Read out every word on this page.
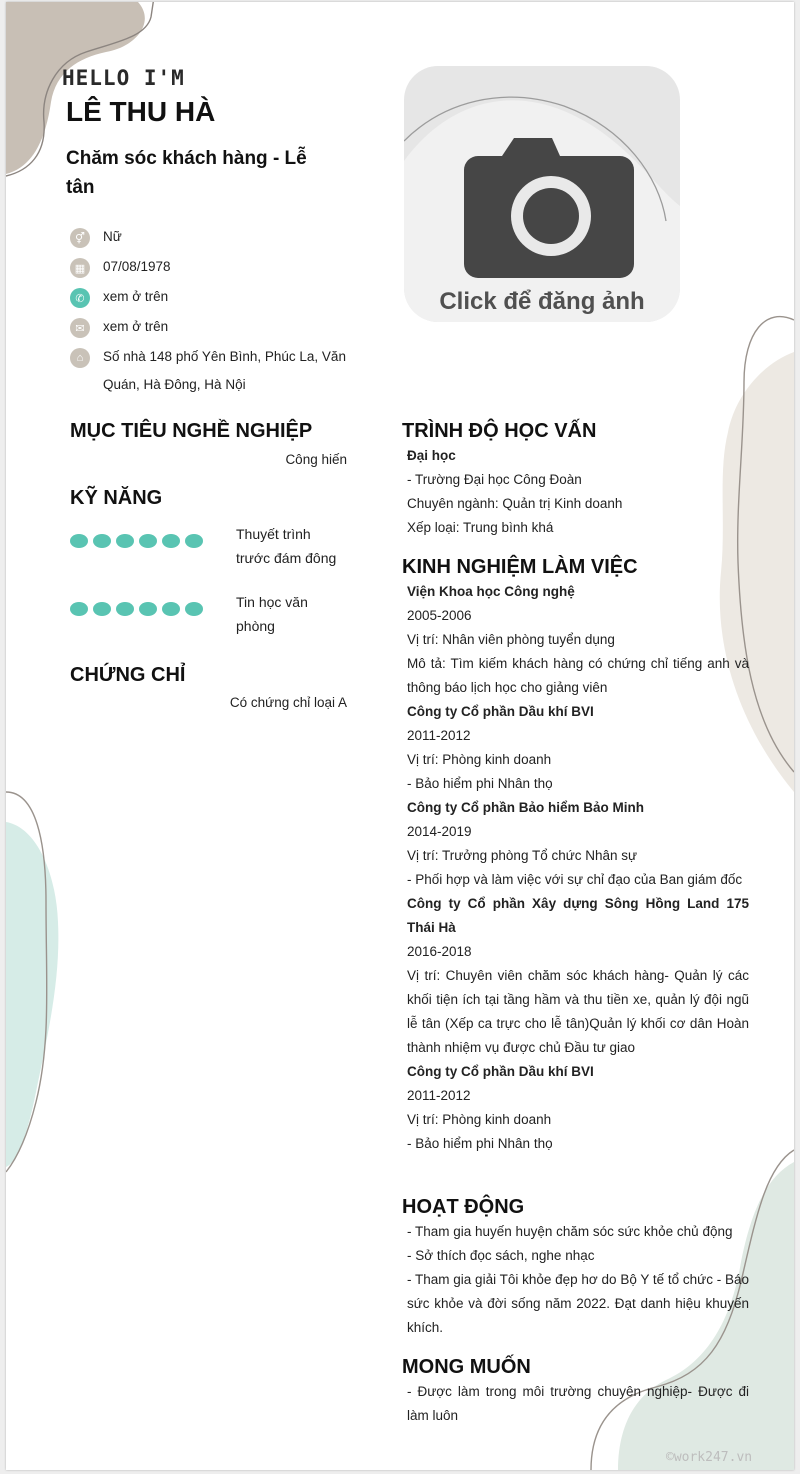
HELLO I'M
LÊ THU HÀ
Chăm sóc khách hàng - Lễ tân
⚥	Nữ
▦	07/08/1978
✆	xem ở trên
✉	xem ở trên
⌂	Số nhà 148 phố Yên Bình, Phúc La, Văn Quán, Hà Đông, Hà Nội
Click để đăng ảnh
MỤC TIÊU NGHỀ NGHIỆP
Công hiến
KỸ NĂNG
Thuyết trình trước đám đông
Tin học văn phòng
CHỨNG CHỈ
Có chứng chỉ loại A
TRÌNH ĐỘ HỌC VẤN
Đại học
- Trường Đại học Công Đoàn
Chuyên ngành: Quản trị Kinh doanh
Xếp loại: Trung bình khá
KINH NGHIỆM LÀM VIỆC
Viện Khoa học Công nghệ
2005-2006
Vị trí: Nhân viên phòng tuyển dụng
Mô tả: Tìm kiếm khách hàng có chứng chỉ tiếng anh và thông báo lịch học cho giảng viên
Công ty Cổ phần Dầu khí BVI
2011-2012
Vị trí: Phòng kinh doanh
- Bảo hiểm phi Nhân thọ
Công ty Cổ phần Bảo hiểm Bảo Minh
2014-2019
Vị trí: Trưởng phòng Tổ chức Nhân sự
- Phối hợp và làm việc với sự chỉ đạo của Ban giám đốc
Công ty Cổ phần Xây dựng Sông Hồng Land 175 Thái Hà
2016-2018
Vị trí: Chuyên viên chăm sóc khách hàng- Quản lý các khối tiện ích tại tầng hầm và thu tiền xe, quản lý đội ngũ lễ tân (Xếp ca trực cho lễ tân)Quản lý khối cơ dân Hoàn thành nhiệm vụ được chủ Đầu tư giao
Công ty Cổ phần Dầu khí BVI
2011-2012
Vị trí: Phòng kinh doanh
- Bảo hiểm phi Nhân thọ
HOẠT ĐỘNG
- Tham gia huyến huyện chăm sóc sức khỏe chủ động
- Sở thích đọc sách, nghe nhạc
- Tham gia giải Tôi khỏe đẹp hơ do Bộ Y tế tổ chức - Báo sức khỏe và đời sống năm 2022. Đạt danh hiệu khuyến khích.
MONG MUỐN
- Được làm trong môi trường chuyên nghiệp- Được đi làm luôn
©work247.vn
